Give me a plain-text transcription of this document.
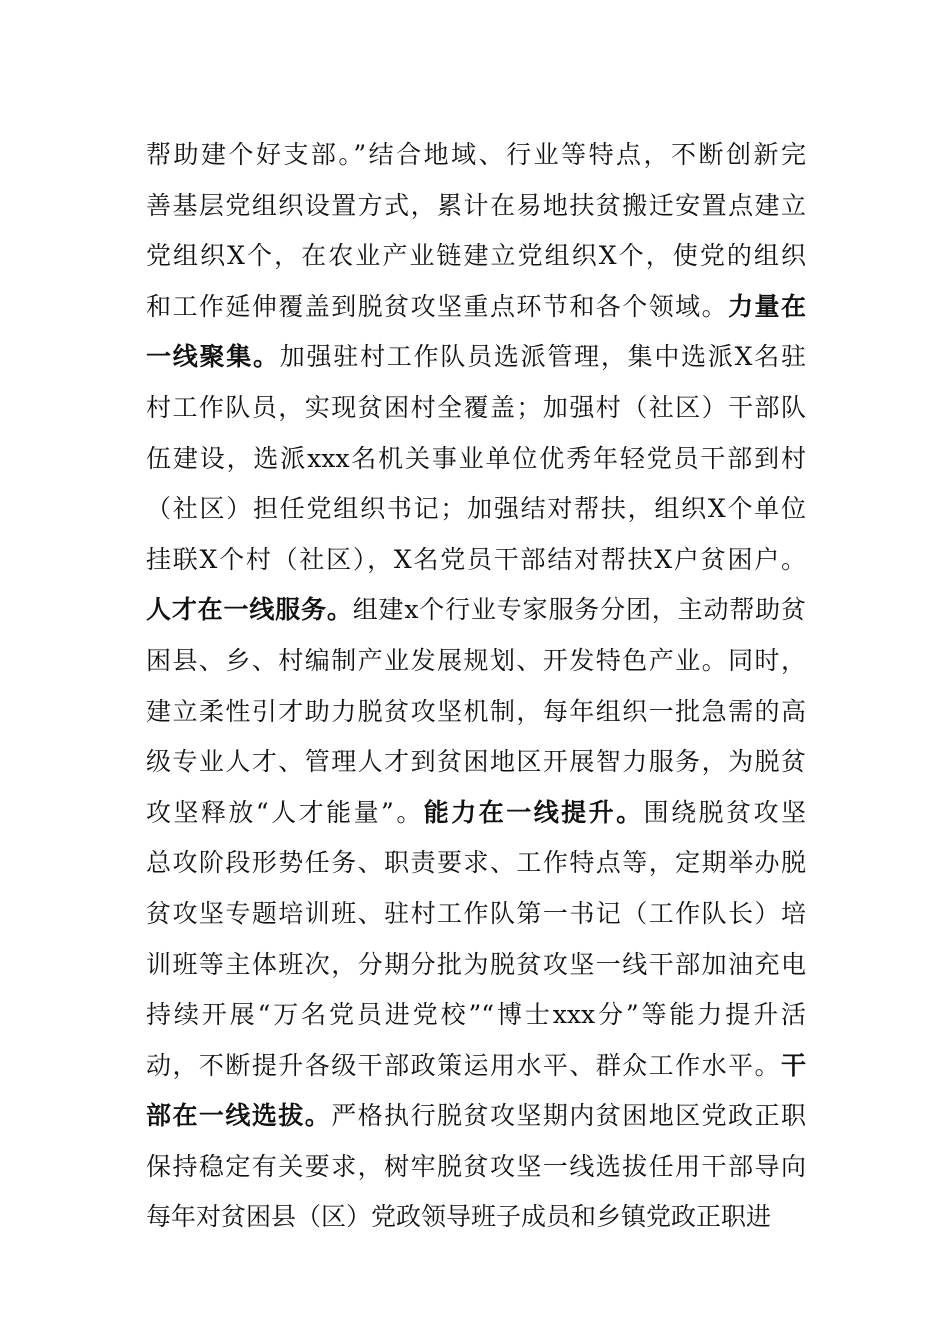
帮助建个好支部。”结合地域、行业等特点，不断创新完
善基层党组织设置方式，累计在易地扶贫搬迁安置点建立
党组织X个，在农业产业链建立党组织X个，使党的组织
和工作延伸覆盖到脱贫攻坚重点环节和各个领域。力量在
一线聚集。加强驻村工作队员选派管理，集中选派X名驻
村工作队员，实现贫困村全覆盖；加强村（社区）干部队
伍建设，选派xxx名机关事业单位优秀年轻党员干部到村
（社区）担任党组织书记；加强结对帮扶，组织X个单位
挂联X个村（社区），X名党员干部结对帮扶X户贫困户。
人才在一线服务。组建x个行业专家服务分团，主动帮助贫
困县、乡、村编制产业发展规划、开发特色产业。同时，
建立柔性引才助力脱贫攻坚机制，每年组织一批急需的高
级专业人才、管理人才到贫困地区开展智力服务，为脱贫
攻坚释放“人才能量”。能力在一线提升。围绕脱贫攻坚
总攻阶段形势任务、职责要求、工作特点等，定期举办脱
贫攻坚专题培训班、驻村工作队第一书记（工作队长）培
训班等主体班次，分期分批为脱贫攻坚一线干部加油充电
持续开展“万名党员进党校”“博士xxx分”等能力提升活
动，不断提升各级干部政策运用水平、群众工作水平。干
部在一线选拔。严格执行脱贫攻坚期内贫困地区党政正职
保持稳定有关要求，树牢脱贫攻坚一线选拔任用干部导向
每年对贫困县（区）党政领导班子成员和乡镇党政正职进
